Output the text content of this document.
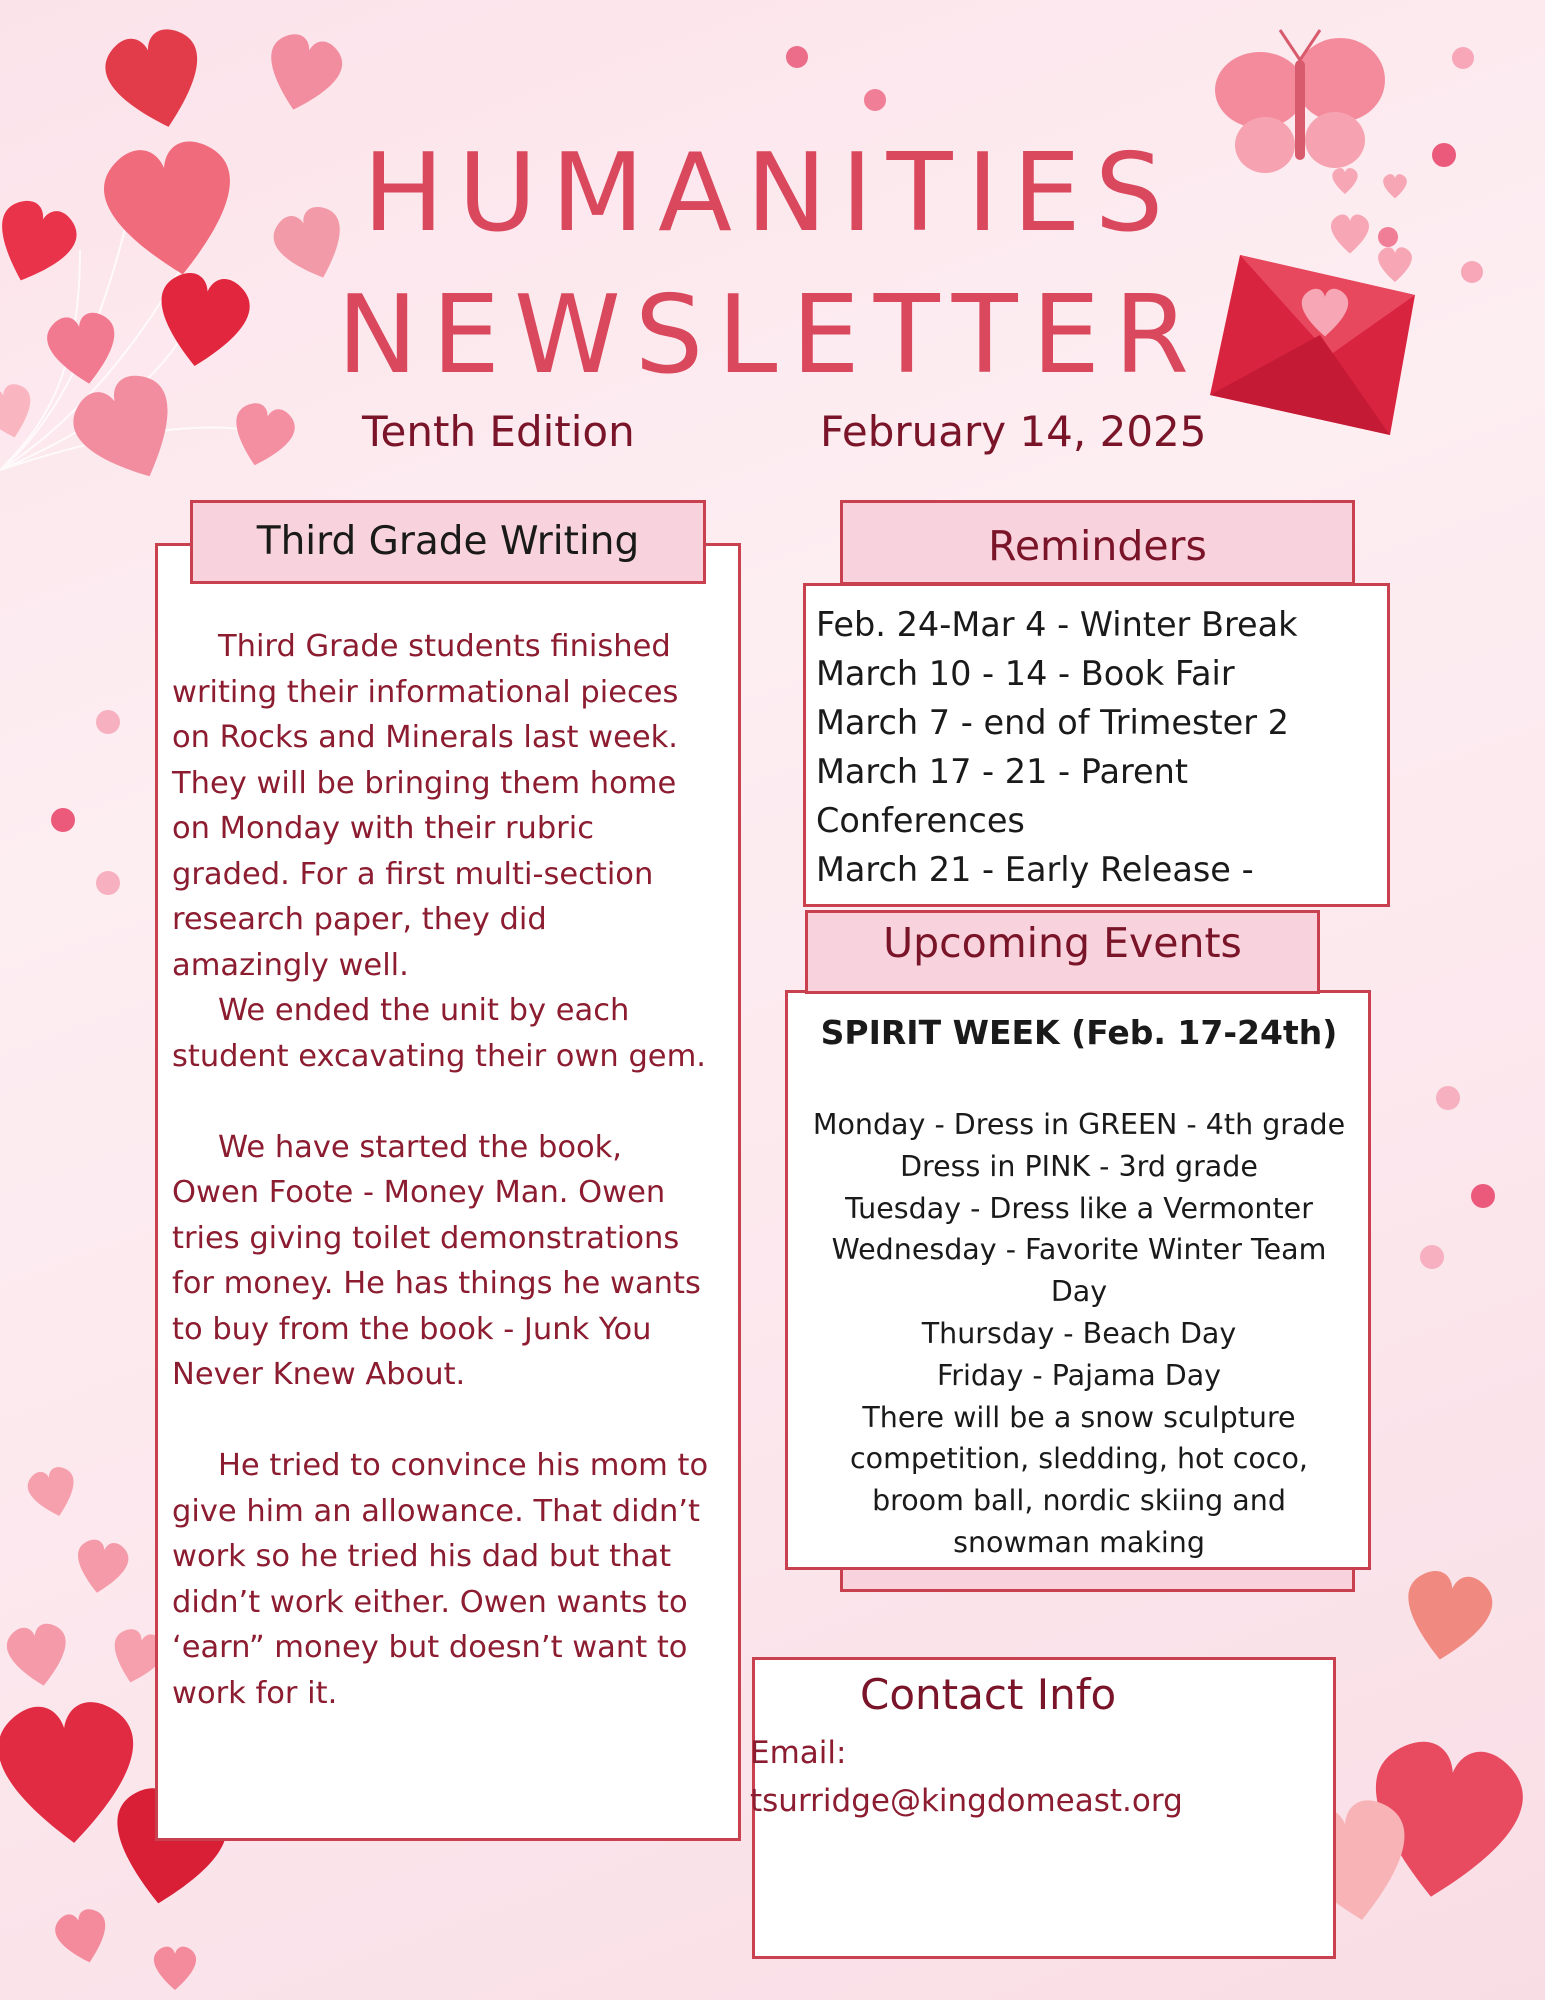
HUMANITIES
NEWSLETTER
Tenth Edition	February 14, 2025
Third Grade Writing

Third Grade students finished writing their informational pieces on Rocks and Minerals last week. They will be bringing them home on Monday with their rubric graded. For a first multi-section research paper, they did amazingly well.

We ended the unit by each student excavating their own gem.

We have started the book, Owen Foote - Money Man. Owen tries giving toilet demonstrations for money. He has things he wants to buy from the book - Junk You Never Knew About.

He tried to convince his mom to give him an allowance. That didn’t work so he tried his dad but that didn’t work either. Owen wants to ‘earn” money but doesn’t want to work for it.

Reminders
Feb. 24-Mar 4 - Winter Break
March 10 - 14 - Book Fair
March 7 - end of Trimester 2
March 17 - 21 - Parent Conferences
March 21 - Early Release -
Upcoming Events
SPIRIT WEEK (Feb. 17-24th)
Monday - Dress in GREEN - 4th grade
Dress in PINK - 3rd grade
Tuesday - Dress like a Vermonter
Wednesday - Favorite Winter Team Day
Thursday - Beach Day
Friday - Pajama Day
There will be a snow sculpture competition, sledding, hot coco, broom ball, nordic skiing and snowman making
Contact Info
Email:
tsurridge@kingdomeast.org
